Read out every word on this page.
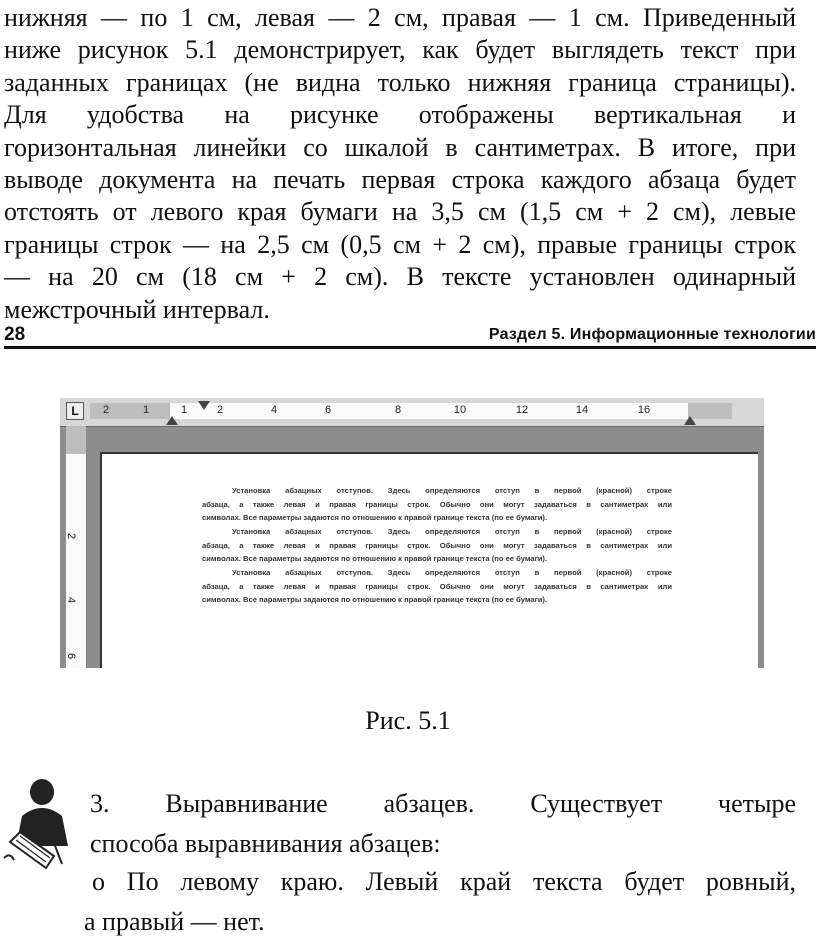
нижняя — по 1 см, левая — 2 см, правая — 1 см. Приведенный
ниже рисунок 5.1 демонстрирует, как будет выглядеть текст при
заданных границах (не видна только нижняя граница страницы).
Для удобства на рисунке отображены вертикальная и
горизонтальная линейки со шкалой в сантиметрах. В итоге, при
выводе документа на печать первая строка каждого абзаца будет
отстоять от левого края бумаги на 3,5 см (1,5 см + 2 см), левые
границы строк — на 2,5 см (0,5 см + 2 см), правые границы строк
— на 20 см (18 см + 2 см). В тексте установлен одинарный
межстрочный интервал.
28	Раздел 5. Информационные технологии
L	2	1	1	2	4	6	8	10	12	14	16
2
4
6
Установка абзацных отступов. Здесь определяются отступ в первой (красной) строке
абзаца, а также левая и правая границы строк. Обычно они могут задаваться в сантиметрах или
символах. Все параметры задаются по отношению к правой границе текста (по ее бумаги).
Установка абзацных отступов. Здесь определяются отступ в первой (красной) строке
абзаца, а также левая и правая границы строк. Обычно они могут задаваться в сантиметрах или
символах. Все параметры задаются по отношению к правой границе текста (по ее бумаги).
Установка абзацных отступов. Здесь определяются отступ в первой (красной) строке
абзаца, а также левая и правая границы строк. Обычно они могут задаваться в сантиметрах или
символах. Все параметры задаются по отношению к правой границе текста (по ее бумаги).
Рис. 5.1
3. Выравнивание абзацев. Существует четыре
способа выравнивания абзацев:
о По левому краю. Левый край текста будет ровный,
а правый — нет.
